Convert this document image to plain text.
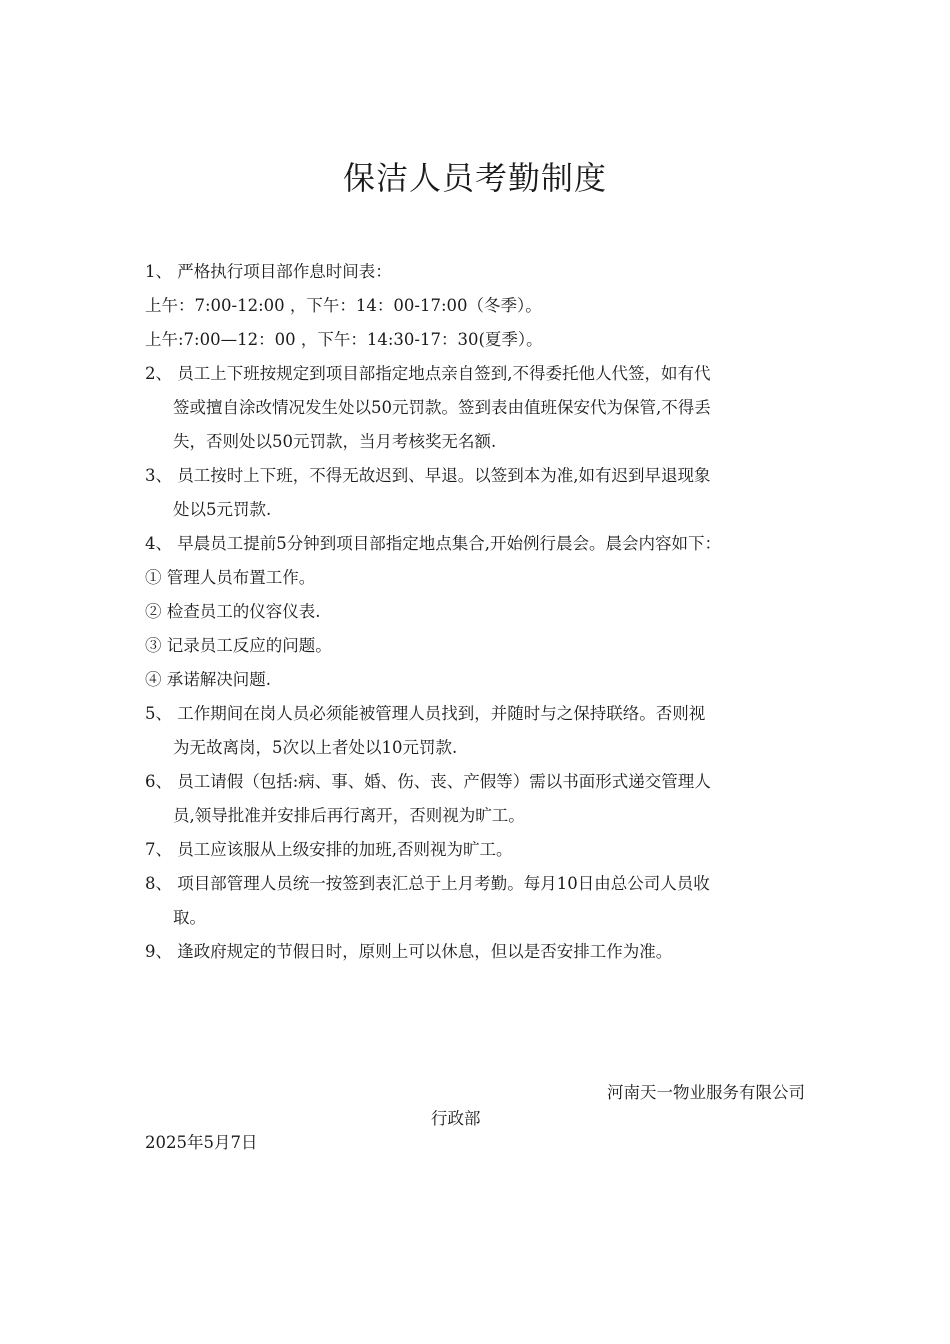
保洁人员考勤制度
1、 严格执行项目部作息时间表：
上午：7:00-12:00 ，下午：14：00-17:00（冬季）。
上午:7:00—12：00 ，下午：14:30-17：30(夏季）。
2、 员工上下班按规定到项目部指定地点亲自签到,不得委托他人代签，如有代
签或擅自涂改情况发生处以50元罚款。签到表由值班保安代为保管,不得丢
失，否则处以50元罚款，当月考核奖无名额.
3、 员工按时上下班，不得无故迟到、早退。以签到本为准,如有迟到早退现象
处以5元罚款.
4、 早晨员工提前5分钟到项目部指定地点集合,开始例行晨会。晨会内容如下：
① 管理人员布置工作。
② 检查员工的仪容仪表.
③ 记录员工反应的问题。
④ 承诺解决问题.
5、 工作期间在岗人员必须能被管理人员找到，并随时与之保持联络。否则视
为无故离岗，5次以上者处以10元罚款.
6、 员工请假（包括:病、事、婚、伤、丧、产假等）需以书面形式递交管理人
员,领导批准并安排后再行离开，否则视为旷工。
7、 员工应该服从上级安排的加班,否则视为旷工。
8、 项目部管理人员统一按签到表汇总于上月考勤。每月10日由总公司人员收
取。
9、 逢政府规定的节假日时，原则上可以休息，但以是否安排工作为准。
河南天一物业服务有限公司
行政部
2025年5月7日
